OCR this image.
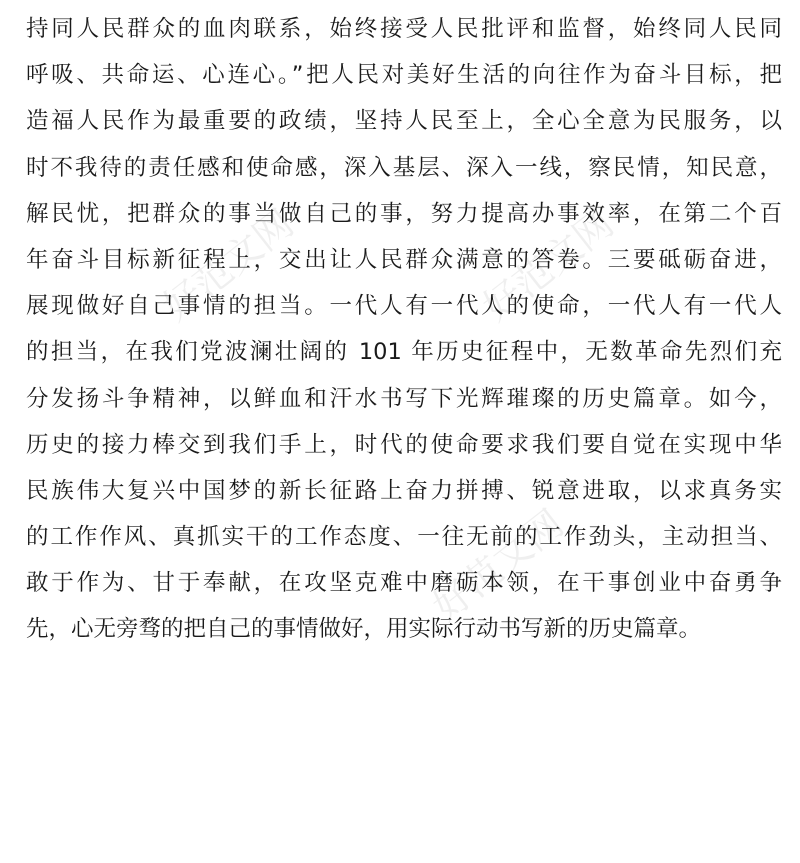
好范文网	好范文网
好范文网
持同人民群众的血肉联系，始终接受人民批评和监督，始终同人民同
呼吸、共命运、心连心。”把人民对美好生活的向往作为奋斗目标，把
造福人民作为最重要的政绩，坚持人民至上，全心全意为民服务，以
时不我待的责任感和使命感，深入基层、深入一线，察民情，知民意，
解民忧，把群众的事当做自己的事，努力提高办事效率，在第二个百
年奋斗目标新征程上，交出让人民群众满意的答卷。三要砥砺奋进，
展现做好自己事情的担当。一代人有一代人的使命，一代人有一代人
的担当，在我们党波澜壮阔的 101 年历史征程中，无数革命先烈们充
分发扬斗争精神，以鲜血和汗水书写下光辉璀璨的历史篇章。如今，
历史的接力棒交到我们手上，时代的使命要求我们要自觉在实现中华
民族伟大复兴中国梦的新长征路上奋力拼搏、锐意进取，以求真务实
的工作作风、真抓实干的工作态度、一往无前的工作劲头，主动担当、
敢于作为、甘于奉献，在攻坚克难中磨砺本领，在干事创业中奋勇争
先，心无旁骛的把自己的事情做好，用实际行动书写新的历史篇章。
